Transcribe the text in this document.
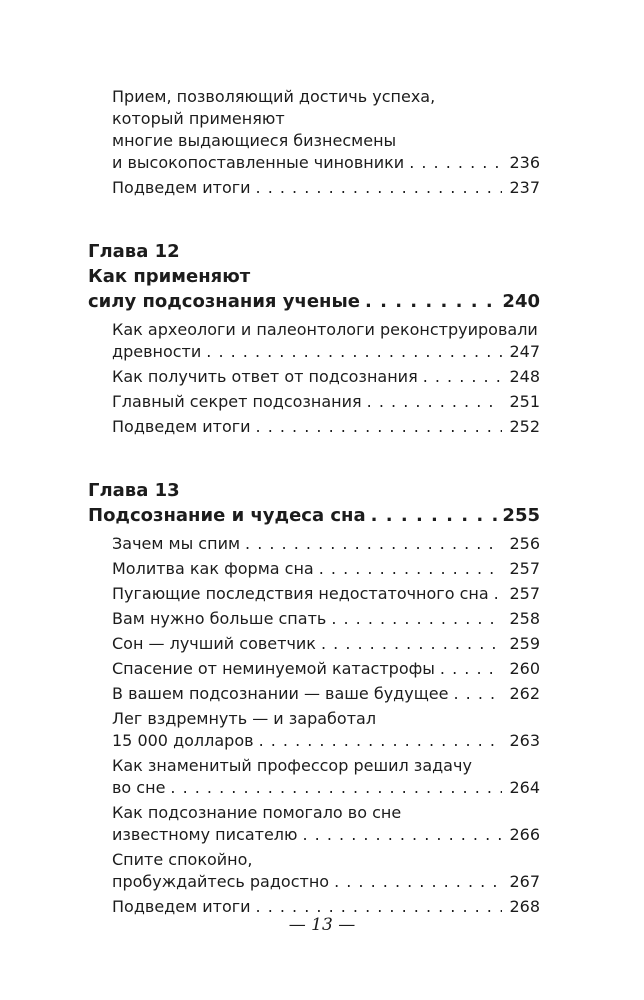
Прием, позволяющий достичь успеха,
который применяют
многие выдающиеся бизнесмены
и высокопоставленные чиновники . . .	236
Подведем итоги . . .	237
Глава 12
Как применяют
силу подсознания ученые . . .	240
Как археологи и палеонтологи реконструировали
древности . . .	247
Как получить ответ от подсознания . . .	248
Главный секрет подсознания . . .	251
Подведем итоги . . .	252
Глава 13
Подсознание и чудеса сна . . .	255
Зачем мы спим . . .	256
Молитва как форма сна . . .	257
Пугающие последствия недостаточного сна . . .	257
Вам нужно больше спать . . .	258
Сон — лучший советчик . . .	259
Спасение от неминуемой катастрофы . . .	260
В вашем подсознании — ваше будущее . . .	262
Лег вздремнуть — и заработал
15 000 долларов . . .	263
Как знаменитый профессор решил задачу
во сне . . .	264
Как подсознание помогало во сне
известному писателю . . .	266
Спите спокойно,
пробуждайтесь радостно . . .	267
Подведем итоги . . .	268
— 13 —
